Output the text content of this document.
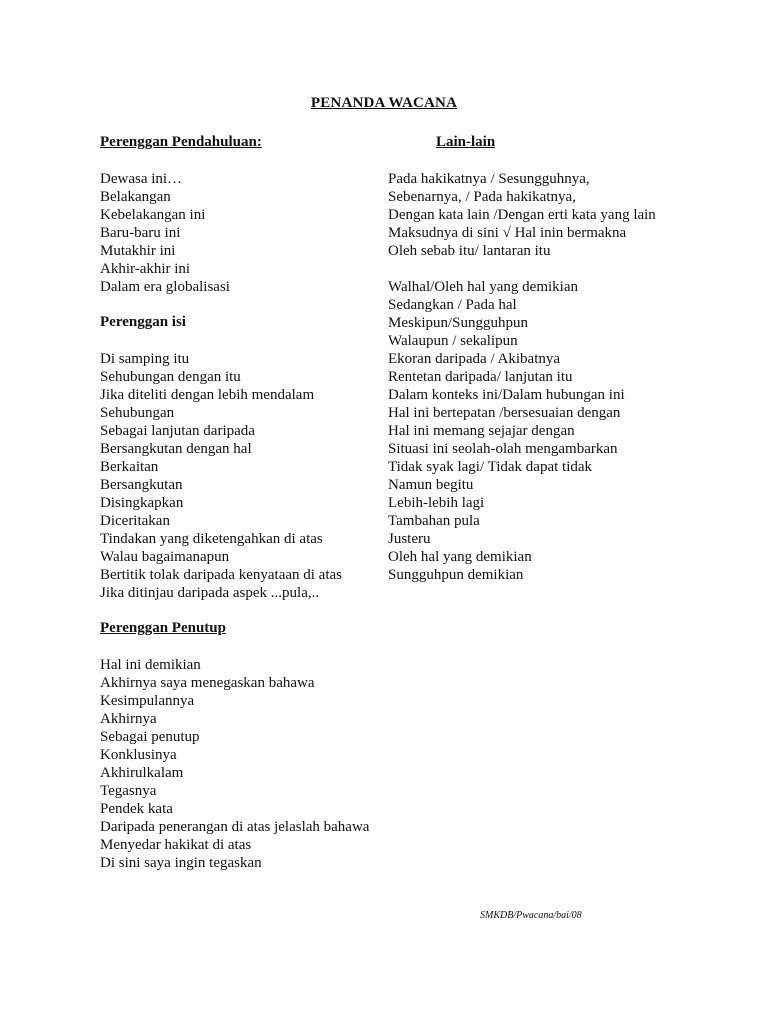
PENANDA WACANA
Perenggan Pendahuluan:
Dewasa ini…
Belakangan
Kebelakangan ini
Baru-baru ini
Mutakhir ini
Akhir-akhir ini
Dalam era globalisasi
Perenggan isi
Di samping itu
Sehubungan dengan itu
Jika diteliti dengan lebih mendalam
Sehubungan
Sebagai lanjutan daripada
Bersangkutan dengan hal
Berkaitan
Bersangkutan
Disingkapkan
Diceritakan
Tindakan yang diketengahkan di atas
Walau bagaimanapun
Bertitik tolak daripada kenyataan di atas
Jika ditinjau daripada aspek ...pula,..
Perenggan Penutup
Hal ini demikian
Akhirnya saya menegaskan bahawa
Kesimpulannya
Akhirnya
Sebagai penutup
Konklusinya
Akhirulkalam
Tegasnya
Pendek kata
Daripada penerangan di atas jelaslah bahawa
Menyedar hakikat di atas
Di sini saya ingin tegaskan
Lain-lain
Pada hakikatnya / Sesungguhnya,
Sebenarnya, / Pada hakikatnya,
Dengan kata lain /Dengan erti kata yang lain
Maksudnya di sini √ Hal inin bermakna
Oleh sebab itu/ lantaran itu
Walhal/Oleh hal yang demikian
Sedangkan / Pada hal
Meskipun/Sungguhpun
Walaupun / sekalipun
Ekoran daripada / Akibatnya
Rentetan daripada/ lanjutan itu
Dalam konteks ini/Dalam hubungan ini
Hal ini bertepatan /bersesuaian dengan
Hal ini memang sejajar dengan
Situasi ini seolah-olah mengambarkan
Tidak syak lagi/ Tidak dapat tidak
Namun begitu
Lebih-lebih lagi
Tambahan pula
Justeru
Oleh hal yang demikian
Sungguhpun demikian
SMKDB/Pwacana/bai/08
